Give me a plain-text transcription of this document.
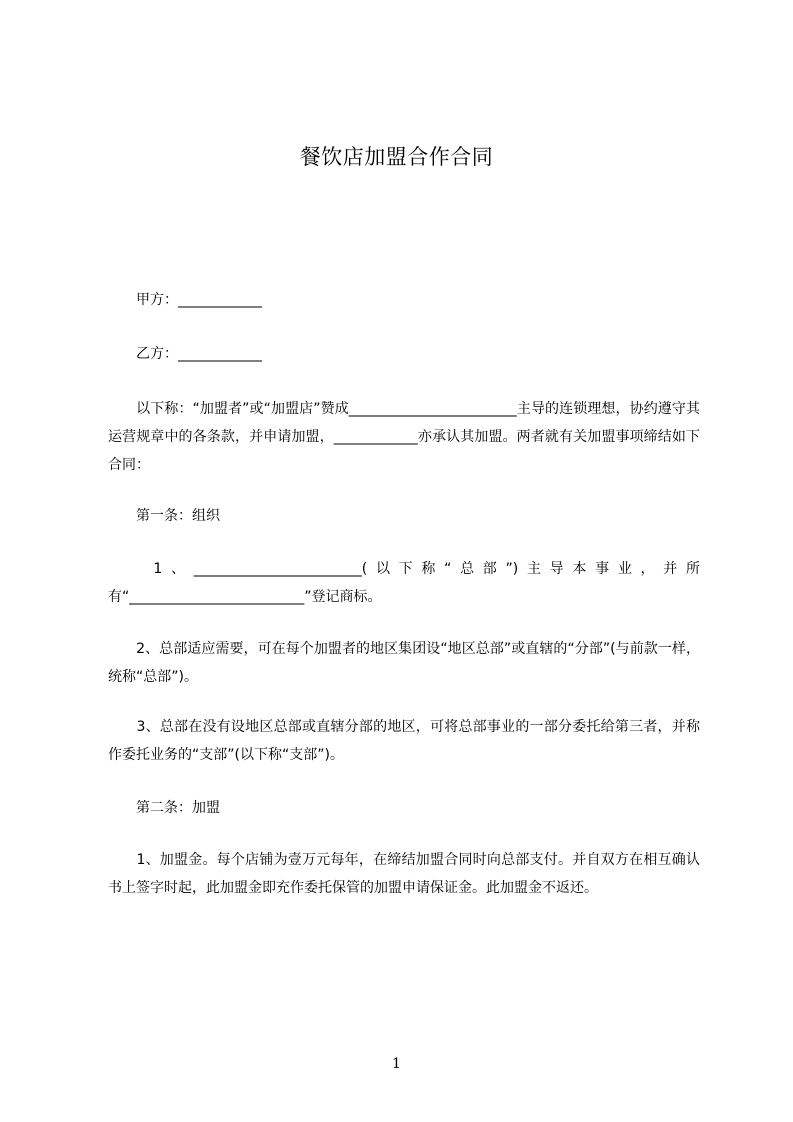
餐饮店加盟合作合同
　　甲方：____________
　　乙方：____________
　　以下称：“加盟者”或“加盟店”赞成________________________主导的连锁理想，协约遵守其运营规章中的各条款，并申请加盟，____________亦承认其加盟。两者就有关加盟事项缔结如下合同：
　　第一条：组织
　　1、________________________(以下称“总部”)主导本事业，并所有“_________________________”登记商标。
　　2、总部适应需要，可在每个加盟者的地区集团设“地区总部”或直辖的“分部”(与前款一样，统称“总部”)。
　　3、总部在没有设地区总部或直辖分部的地区，可将总部事业的一部分委托给第三者，并称作委托业务的“支部”(以下称“支部”)。
　　第二条：加盟
　　1、加盟金。每个店铺为壹万元每年，在缔结加盟合同时向总部支付。并自双方在相互确认书上签字时起，此加盟金即充作委托保管的加盟申请保证金。此加盟金不返还。
1
